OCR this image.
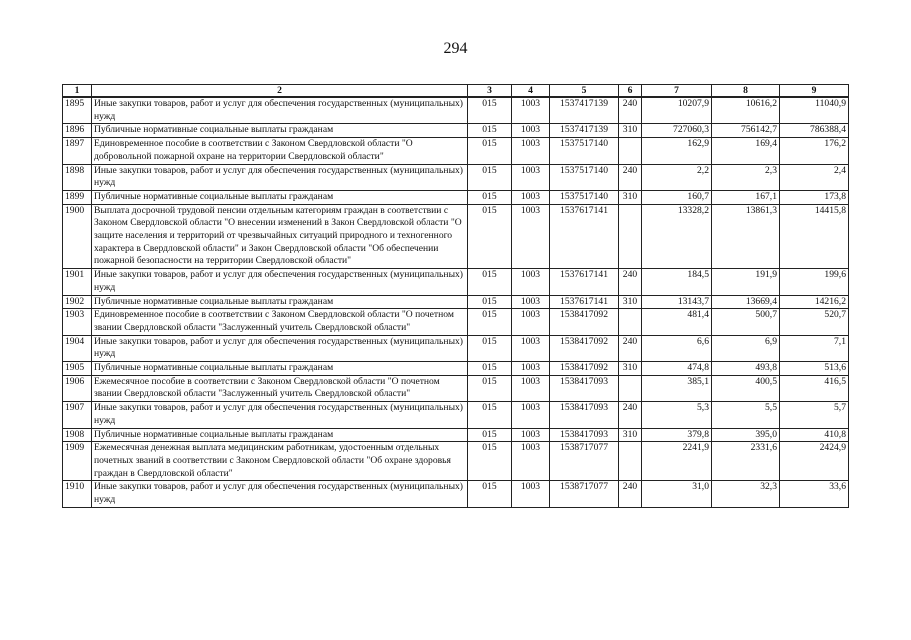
294
1	2	3	4	5	6	7	8	9
1895	Иные закупки товаров, работ и услуг для обеспечения государственных (муниципальных) нужд	015	1003	1537417139	240	10207,9	10616,2	11040,9
1896	Публичные нормативные социальные выплаты гражданам	015	1003	1537417139	310	727060,3	756142,7	786388,4
1897	Единовременное пособие в соответствии с Законом Свердловской области "О добровольной пожарной охране на территории Свердловской области"	015	1003	1537517140		162,9	169,4	176,2
1898	Иные закупки товаров, работ и услуг для обеспечения государственных (муниципальных) нужд	015	1003	1537517140	240	2,2	2,3	2,4
1899	Публичные нормативные социальные выплаты гражданам	015	1003	1537517140	310	160,7	167,1	173,8
1900	Выплата досрочной трудовой пенсии отдельным категориям граждан в соответствии с Законом Свердловской области "О внесении изменений в Закон Свердловской области "О защите населения и территорий от чрезвычайных ситуаций природного и техногенного характера в Свердловской области" и Закон Свердловской области "Об обеспечении пожарной безопасности на территории Свердловской области"	015	1003	1537617141		13328,2	13861,3	14415,8
1901	Иные закупки товаров, работ и услуг для обеспечения государственных (муниципальных) нужд	015	1003	1537617141	240	184,5	191,9	199,6
1902	Публичные нормативные социальные выплаты гражданам	015	1003	1537617141	310	13143,7	13669,4	14216,2
1903	Единовременное пособие в соответствии с Законом Свердловской области "О почетном звании Свердловской области "Заслуженный учитель Свердловской области"	015	1003	1538417092		481,4	500,7	520,7
1904	Иные закупки товаров, работ и услуг для обеспечения государственных (муниципальных) нужд	015	1003	1538417092	240	6,6	6,9	7,1
1905	Публичные нормативные социальные выплаты гражданам	015	1003	1538417092	310	474,8	493,8	513,6
1906	Ежемесячное пособие в соответствии с Законом Свердловской области "О почетном звании Свердловской области "Заслуженный учитель Свердловской области"	015	1003	1538417093		385,1	400,5	416,5
1907	Иные закупки товаров, работ и услуг для обеспечения государственных (муниципальных) нужд	015	1003	1538417093	240	5,3	5,5	5,7
1908	Публичные нормативные социальные выплаты гражданам	015	1003	1538417093	310	379,8	395,0	410,8
1909	Ежемесячная денежная выплата медицинским работникам, удостоенным отдельных почетных званий в соответствии с Законом Свердловской области "Об охране здоровья граждан в Свердловской области"	015	1003	1538717077		2241,9	2331,6	2424,9
1910	Иные закупки товаров, работ и услуг для обеспечения государственных (муниципальных) нужд	015	1003	1538717077	240	31,0	32,3	33,6
